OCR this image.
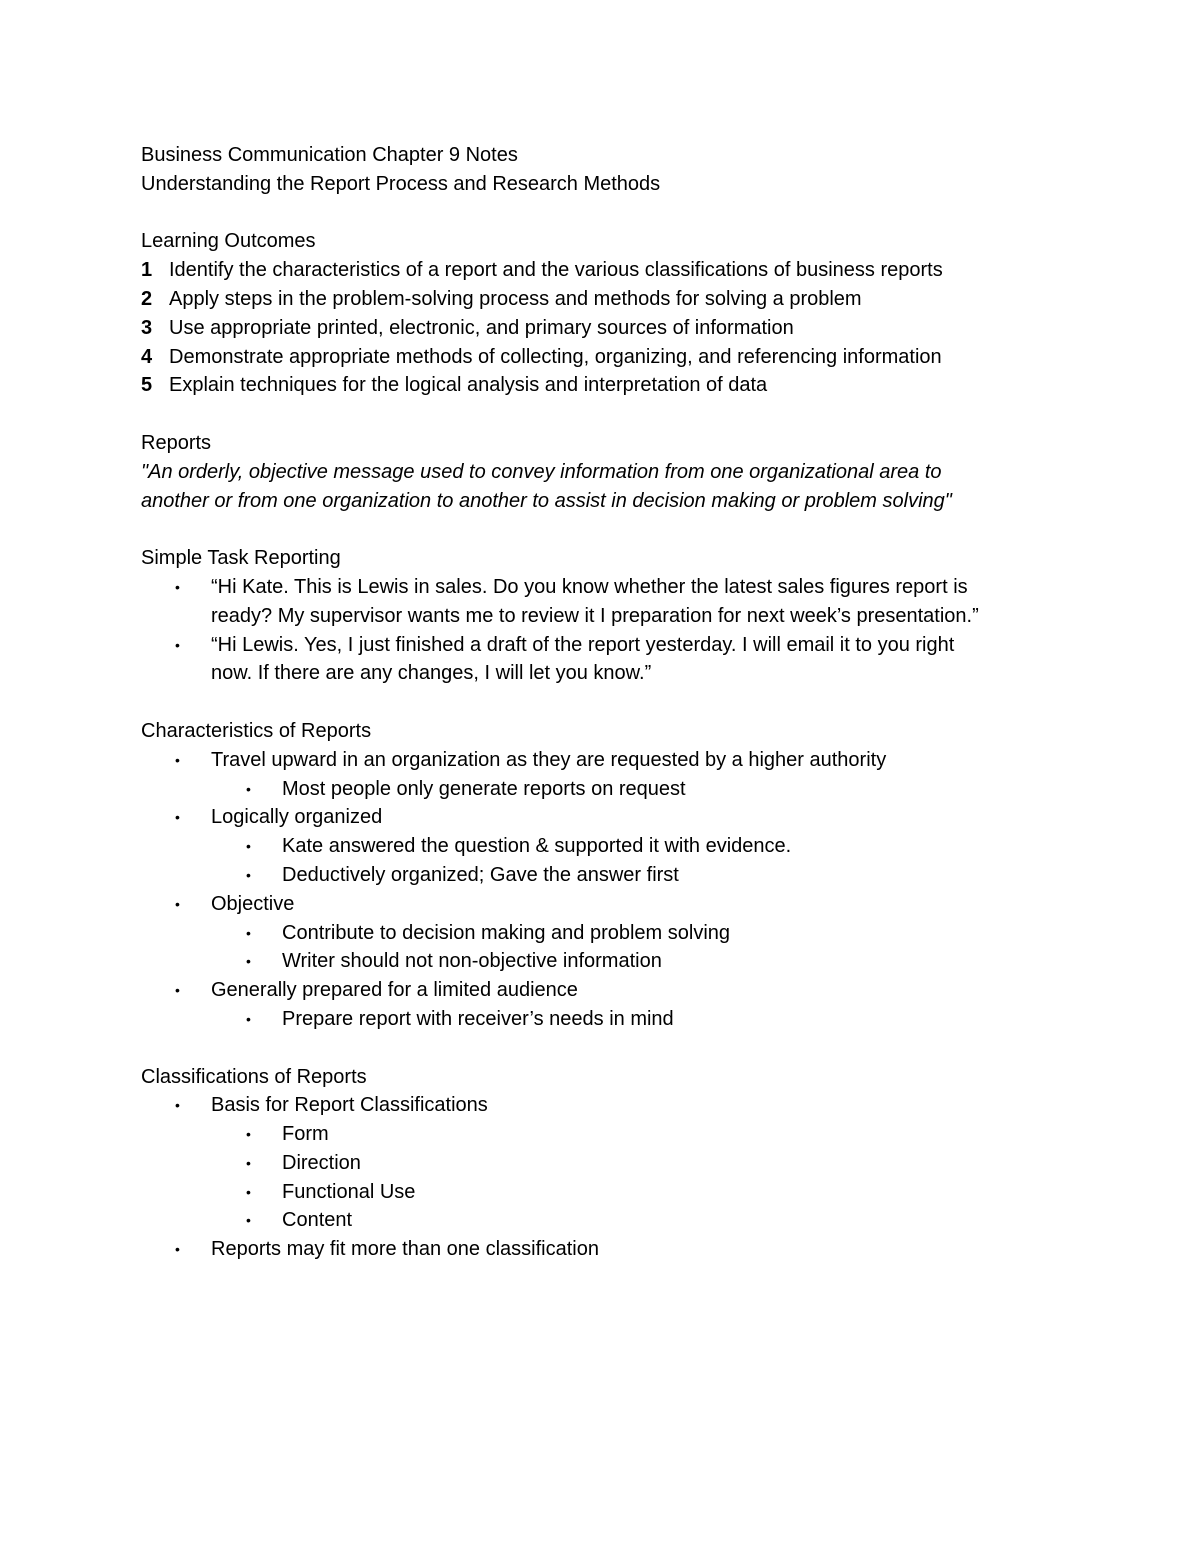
Business Communication Chapter 9 Notes
Understanding the Report Process and Research Methods
Learning Outcomes
1 Identify the characteristics of a report and the various classifications of business reports
2 Apply steps in the problem-solving process and methods for solving a problem
3 Use appropriate printed, electronic, and primary sources of information
4 Demonstrate appropriate methods of collecting, organizing, and referencing information
5 Explain techniques for the logical analysis and interpretation of data
Reports
"An orderly, objective message used to convey information from one organizational area to
another or from one organization to another to assist in decision making or problem solving"
Simple Task Reporting
• “Hi Kate. This is Lewis in sales. Do you know whether the latest sales figures report is
ready? My supervisor wants me to review it I preparation for next week’s presentation.”
• “Hi Lewis. Yes, I just finished a draft of the report yesterday. I will email it to you right
now. If there are any changes, I will let you know.”
Characteristics of Reports
• Travel upward in an organization as they are requested by a higher authority
• Most people only generate reports on request
• Logically organized
• Kate answered the question & supported it with evidence.
• Deductively organized; Gave the answer first
• Objective
• Contribute to decision making and problem solving
• Writer should not non-objective information
• Generally prepared for a limited audience
• Prepare report with receiver’s needs in mind
Classifications of Reports
• Basis for Report Classifications
• Form
• Direction
• Functional Use
• Content
• Reports may fit more than one classification
